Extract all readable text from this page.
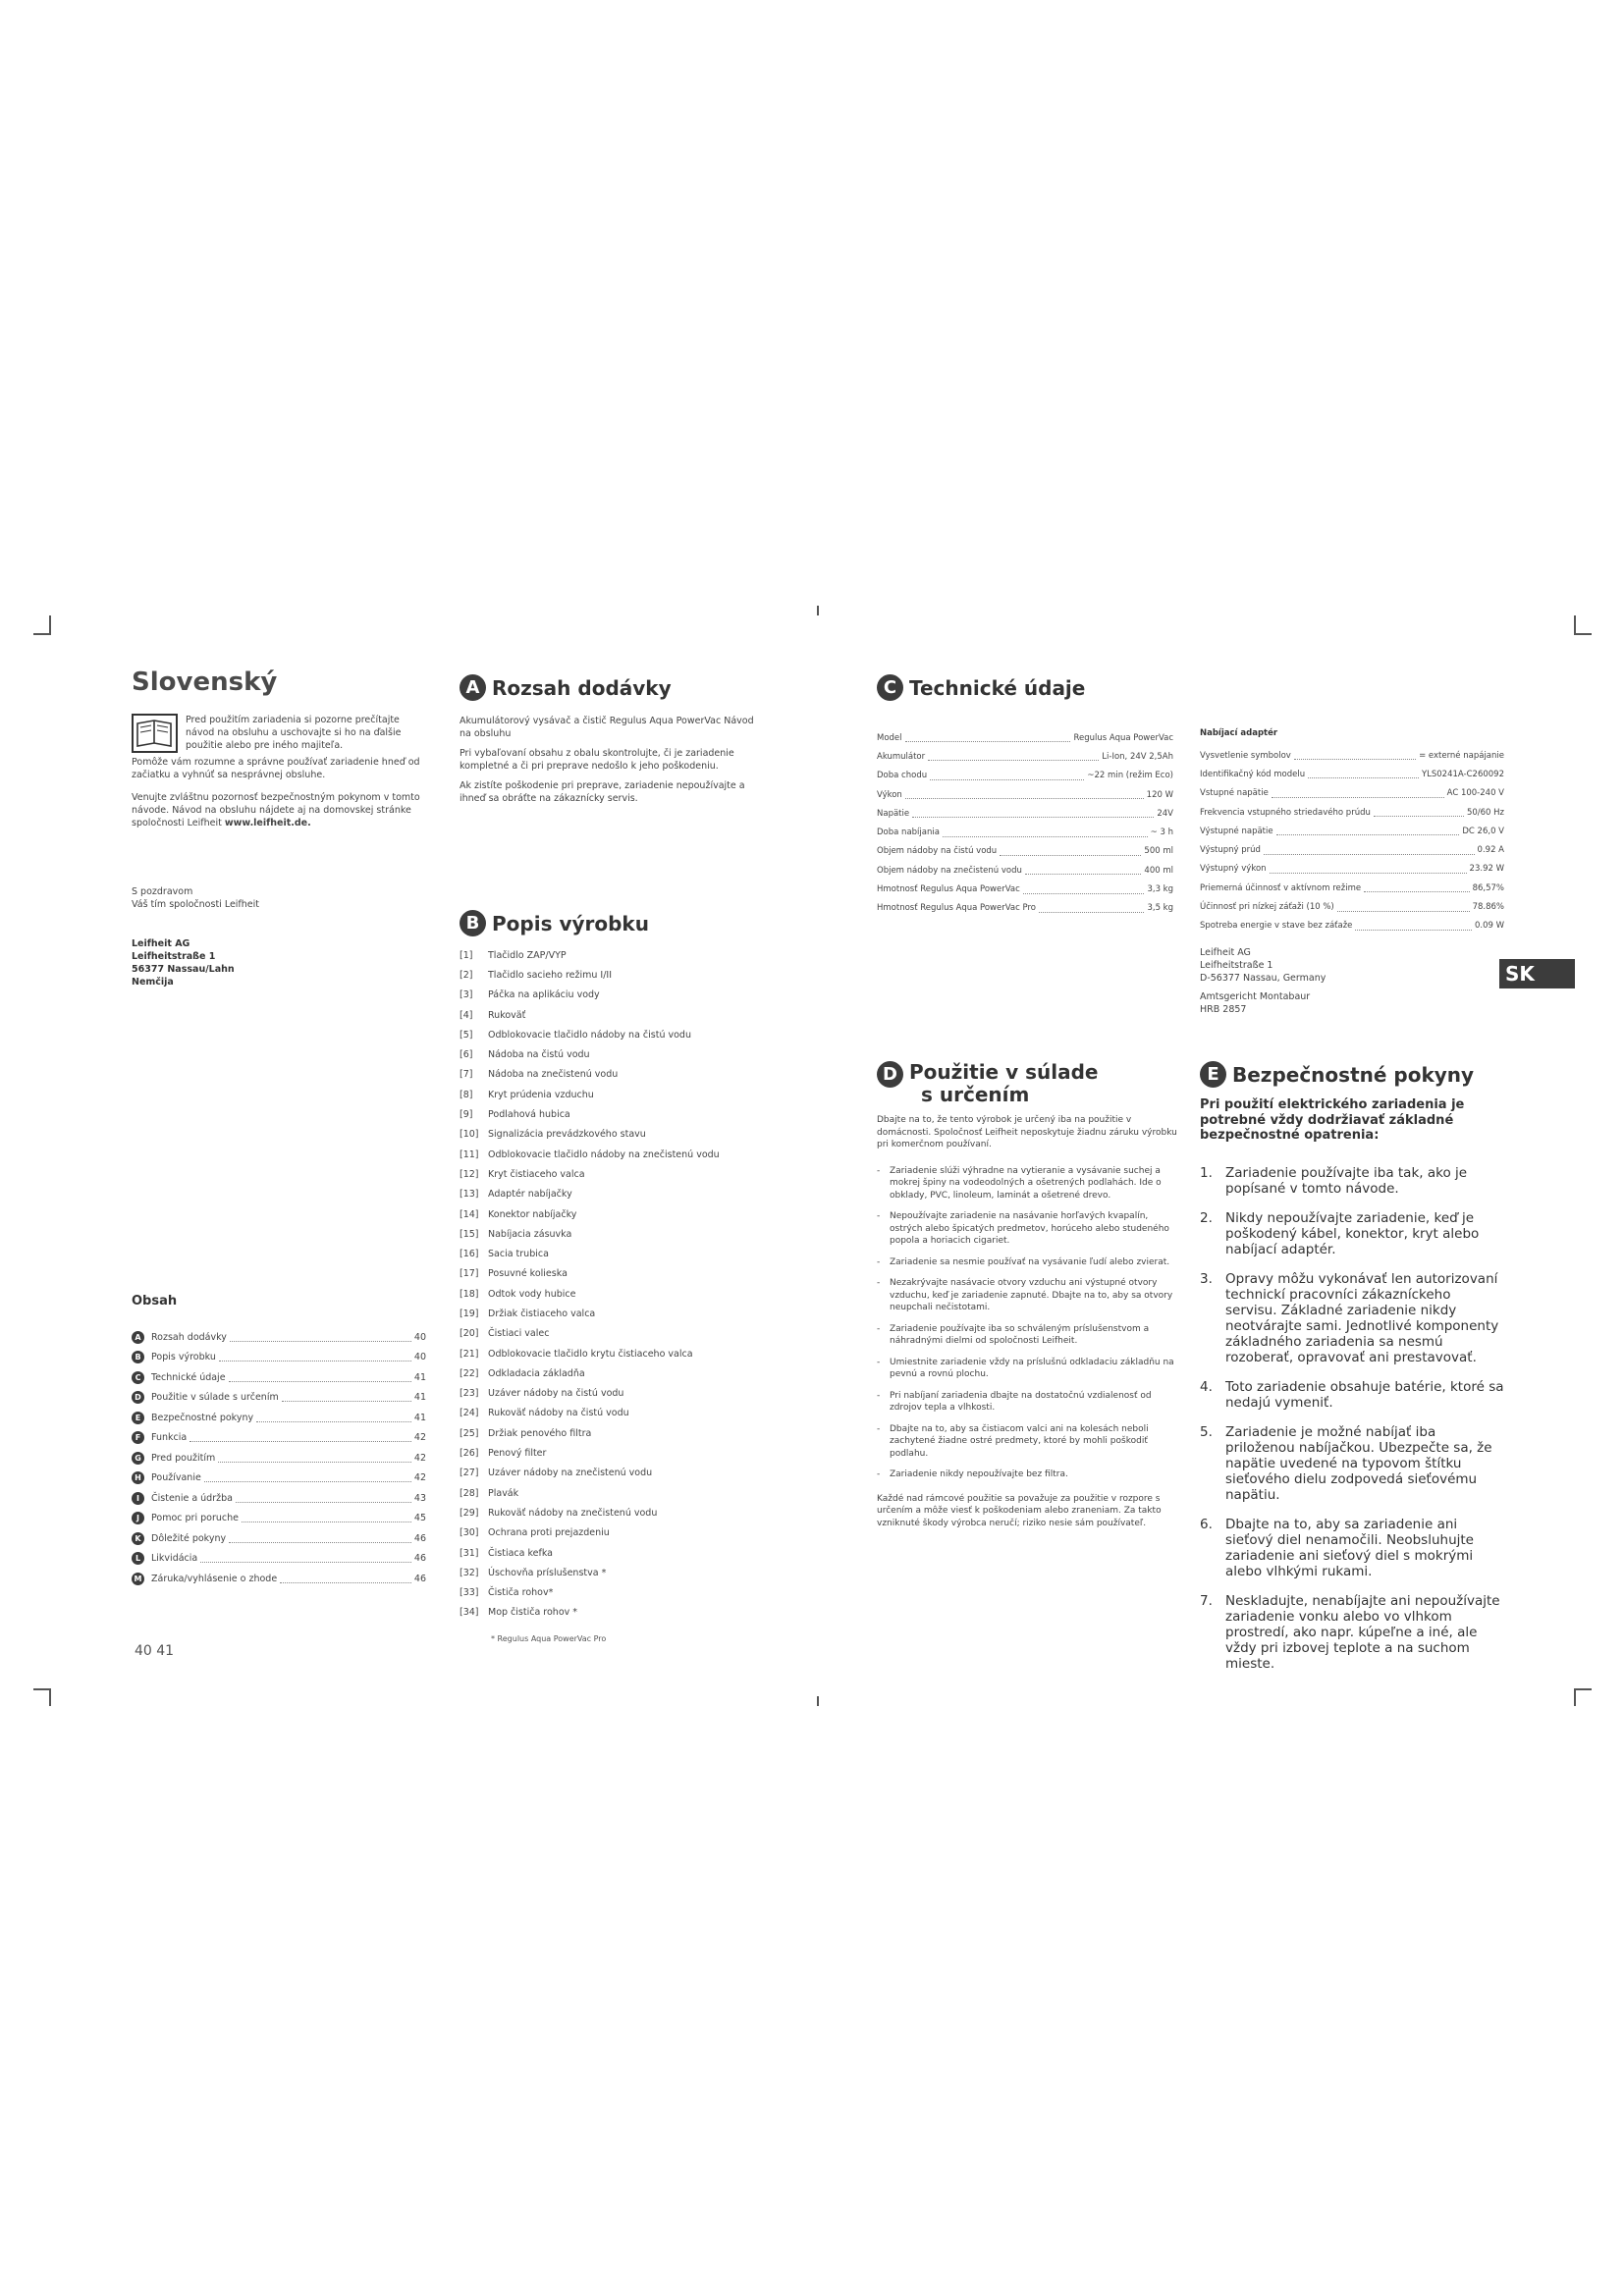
Slovenský
Pred použitím zariadenia si pozorne prečítajte návod na obsluhu a uschovajte si ho na ďalšie použitie alebo pre iného majiteľa.
Pomôže vám rozumne a správne používať zariadenie hneď od začiatku a vyhnúť sa nesprávnej obsluhe.
Venujte zvláštnu pozornosť bezpečnostným pokynom v tomto návode. Návod na obsluhu nájdete aj na domovskej stránke spoločnosti Leifheit www.leifheit.de.
S pozdravom
Váš tím spoločnosti Leifheit
Leifheit AG
Leifheitstraße 1
56377 Nassau/Lahn
Nemčija
Obsah
A	Rozsah dodávky	40
B	Popis výrobku	40
C	Technické údaje	41
D	Použitie v súlade s určením	41
E	Bezpečnostné pokyny	41
F	Funkcia	42
G	Pred použitím	42
H	Používanie	42
I	Čistenie a údržba	43
J	Pomoc pri poruche	45
K	Dôležité pokyny	46
L	Likvidácia	46
M Záruka/vyhlásenie o zhode	46
40 41
A Rozsah dodávky

Akumulátorový vysávač a čistič Regulus Aqua PowerVac Návod na obsluhu

Pri vybaľovaní obsahu z obalu skontrolujte, či je zariadenie kompletné a či pri preprave nedošlo k jeho poškodeniu.

Ak zistíte poškodenie pri preprave, zariadenie nepoužívajte a ihneď sa obráťte na zákaznícky servis.

B Popis výrobku
[1]	Tlačidlo ZAP/VYP
[2]	Tlačidlo sacieho režimu I/II
[3]	Páčka na aplikáciu vody
[4]	Rukoväť
[5]	Odblokovacie tlačidlo nádoby na čistú vodu
[6]	Nádoba na čistú vodu
[7]	Nádoba na znečistenú vodu
[8]	Kryt prúdenia vzduchu
[9]	Podlahová hubica
[10] Signalizácia prevádzkového stavu
[11] Odblokovacie tlačidlo nádoby na znečistenú vodu
[12] Kryt čistiaceho valca
[13] Adaptér nabíjačky
[14] Konektor nabíjačky
[15] Nabíjacia zásuvka
[16] Sacia trubica
[17] Posuvné kolieska
[18] Odtok vody hubice
[19] Držiak čistiaceho valca
[20] Čistiaci valec
[21] Odblokovacie tlačidlo krytu čistiaceho valca
[22] Odkladacia základňa
[23] Uzáver nádoby na čistú vodu
[24] Rukoväť nádoby na čistú vodu
[25] Držiak penového filtra
[26] Penový filter
[27] Uzáver nádoby na znečistenú vodu
[28] Plavák
[29] Rukoväť nádoby na znečistenú vodu
[30] Ochrana proti prejazdeniu
[31] Čistiaca kefka
[32] Úschovňa príslušenstva *
[33] Čističa rohov*
[34] Mop čističa rohov *
* Regulus Aqua PowerVac Pro
C Technické údaje
Model	Regulus Aqua PowerVac
Akumulátor	Li-Ion, 24V 2,5Ah
Doba chodu	~22 min (režim Eco)
Výkon	120 W
Napätie	24V
Doba nabíjania	~ 3 h
Objem nádoby na čistú vodu	500 ml
Objem nádoby na znečistenú vodu	400 ml
Hmotnosť Regulus Aqua PowerVac	3,3 kg
Hmotnosť Regulus Aqua PowerVac Pro	3,5 kg
Leifheit AG
Leifheitstraße 1
D-56377 Nassau, Germany
Amtsgericht Montabaur
HRB 2857
D Použitie v súlade
s určením
Dbajte na to, že tento výrobok je určený iba na použitie v domácnosti. Spoločnosť Leifheit neposkytuje žiadnu záruku výrobku pri komerčnom používaní.
- Zariadenie slúži výhradne na vytieranie a vysávanie suchej a mokrej špiny na vodeodolných a ošetrených podlahách. Ide o obklady, PVC, linoleum, laminát a ošetrené drevo.
- Nepoužívajte zariadenie na nasávanie horľavých kvapalín, ostrých alebo špicatých predmetov, horúceho alebo studeného popola a horiacich cigariet.
- Zariadenie sa nesmie používať na vysávanie ľudí alebo zvierat.
- Nezakrývajte nasávacie otvory vzduchu ani výstupné otvory vzduchu, keď je zariadenie zapnuté. Dbajte na to, aby sa otvory neupchali nečistotami.
- Zariadenie používajte iba so schváleným príslušenstvom a náhradnými dielmi od spoločnosti Leifheit.
- Umiestnite zariadenie vždy na príslušnú odkladaciu základňu na pevnú a rovnú plochu.
- Pri nabíjaní zariadenia dbajte na dostatočnú vzdialenosť od zdrojov tepla a vlhkosti.
- Dbajte na to, aby sa čistiacom valci ani na kolesách neboli zachytené žiadne ostré predmety, ktoré by mohli poškodiť podlahu.
- Zariadenie nikdy nepoužívajte bez filtra.
Každé nad rámcové použitie sa považuje za použitie v rozpore s určením a môže viesť k poškodeniam alebo zraneniam. Za takto vzniknuté škody výrobca neručí; riziko nesie sám používateľ.
Nabíjací adaptér
Vysvetlenie symbolov	= externé napájanie
Identifikačný kód modelu	YLS0241A-C260092
Vstupné napätie	AC 100-240 V
Frekvencia vstupného striedavého prúdu	50/60 Hz
Výstupné napätie	DC 26,0 V
Výstupný prúd	0.92 A
Výstupný výkon	23.92 W
Priemerná účinnosť v aktívnom režime	86,57%
Účinnosť pri nízkej záťaži (10 %)	78.86%
Spotreba energie v stave bez záťaže	0.09 W
E Bezpečnostné pokyny
Pri použití elektrického zariadenia je potrebné vždy dodržiavať základné bezpečnostné opatrenia:
1. Zariadenie používajte iba tak, ako je popísané v tomto návode.
2. Nikdy nepoužívajte zariadenie, keď je poškodený kábel, konektor, kryt alebo nabíjací adaptér.
3. Opravy môžu vykonávať len autorizovaní technickí pracovníci zákazníckeho servisu. Základné zariadenie nikdy neotvárajte sami. Jednotlivé komponenty základného zariadenia sa nesmú rozoberať, opravovať ani prestavovať.
4. Toto zariadenie obsahuje batérie, ktoré sa nedajú vymeniť.
5. Zariadenie je možné nabíjať iba priloženou nabíjačkou. Ubezpečte sa, že napätie uvedené na typovom štítku sieťového dielu zodpovedá sieťovému napätiu.
6. Dbajte na to, aby sa zariadenie ani sieťový diel nenamočili. Neobsluhujte zariadenie ani sieťový diel s mokrými alebo vlhkými rukami.
7. Neskladujte, nenabíjajte ani nepoužívajte zariadenie vonku alebo vo vlhkom prostredí, ako napr. kúpeľne a iné, ale vždy pri izbovej teplote a na suchom mieste.
SK
